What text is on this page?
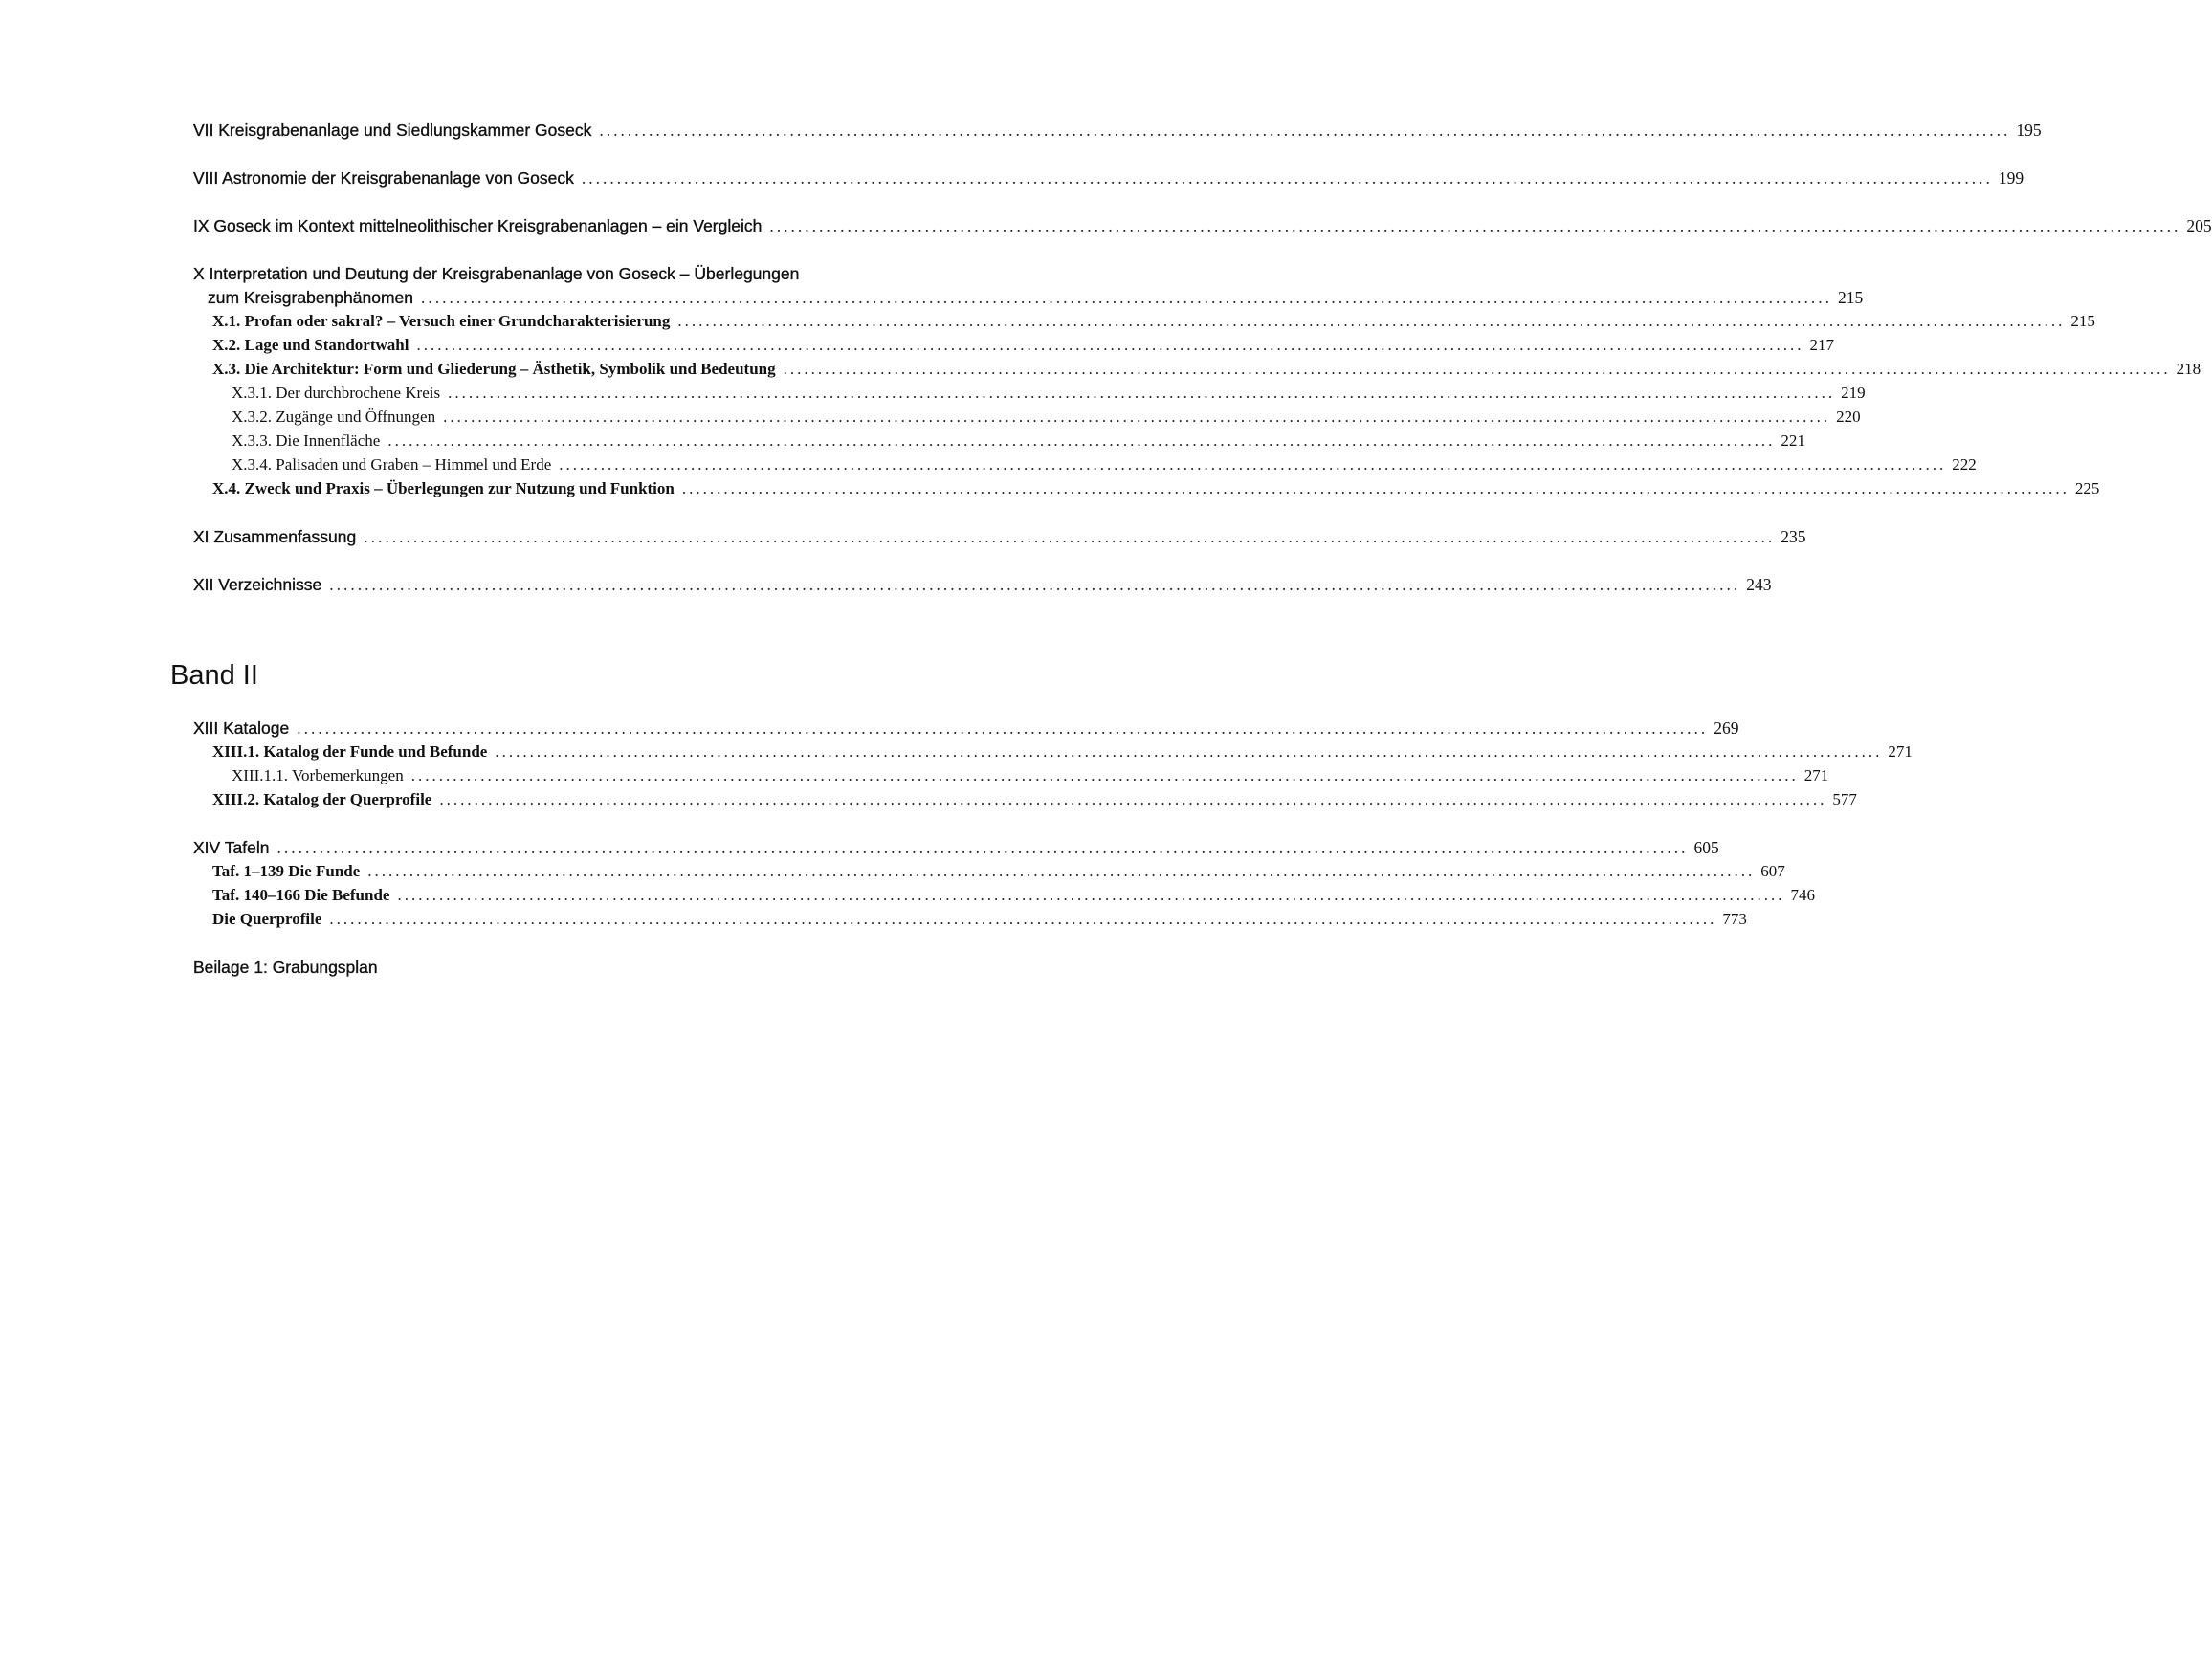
VII Kreisgrabenanlage und Siedlungskammer Goseck ........................................................................................................................................................................................................ 195
VIII Astronomie der Kreisgrabenanlage von Goseck ........................................................................................................................................................................................................ 199
IX Goseck im Kontext mittelneolithischer Kreisgrabenanlagen – ein Vergleich ........................................................................................................................................................................................................ 205
X Interpretation und Deutung der Kreisgrabenanlage von Goseck – Überlegungen
zum Kreisgrabenphänomen ........................................................................................................................................................................................................ 215
X.1. Profan oder sakral? – Versuch einer Grundcharakterisierung ........................................................................................................................................................................................................ 215
X.2. Lage und Standortwahl ........................................................................................................................................................................................................ 217
X.3. Die Architektur: Form und Gliederung – Ästhetik, Symbolik und Bedeutung ........................................................................................................................................................................................................ 218
X.3.1. Der durchbrochene Kreis ........................................................................................................................................................................................................ 219
X.3.2. Zugänge und Öffnungen ........................................................................................................................................................................................................ 220
X.3.3. Die Innenfläche ........................................................................................................................................................................................................ 221
X.3.4. Palisaden und Graben – Himmel und Erde ........................................................................................................................................................................................................ 222
X.4. Zweck und Praxis – Überlegungen zur Nutzung und Funktion ........................................................................................................................................................................................................ 225
XI Zusammenfassung ........................................................................................................................................................................................................ 235
XII Verzeichnisse ........................................................................................................................................................................................................ 243
Band II
XIII Kataloge ........................................................................................................................................................................................................ 269
XIII.1. Katalog der Funde und Befunde ........................................................................................................................................................................................................ 271
XIII.1.1. Vorbemerkungen ........................................................................................................................................................................................................ 271
XIII.2. Katalog der Querprofile ........................................................................................................................................................................................................ 577
XIV Tafeln ........................................................................................................................................................................................................ 605
Taf. 1–139 Die Funde ........................................................................................................................................................................................................ 607
Taf. 140–166 Die Befunde ........................................................................................................................................................................................................ 746
Die Querprofile ........................................................................................................................................................................................................ 773
Beilage 1: Grabungsplan
